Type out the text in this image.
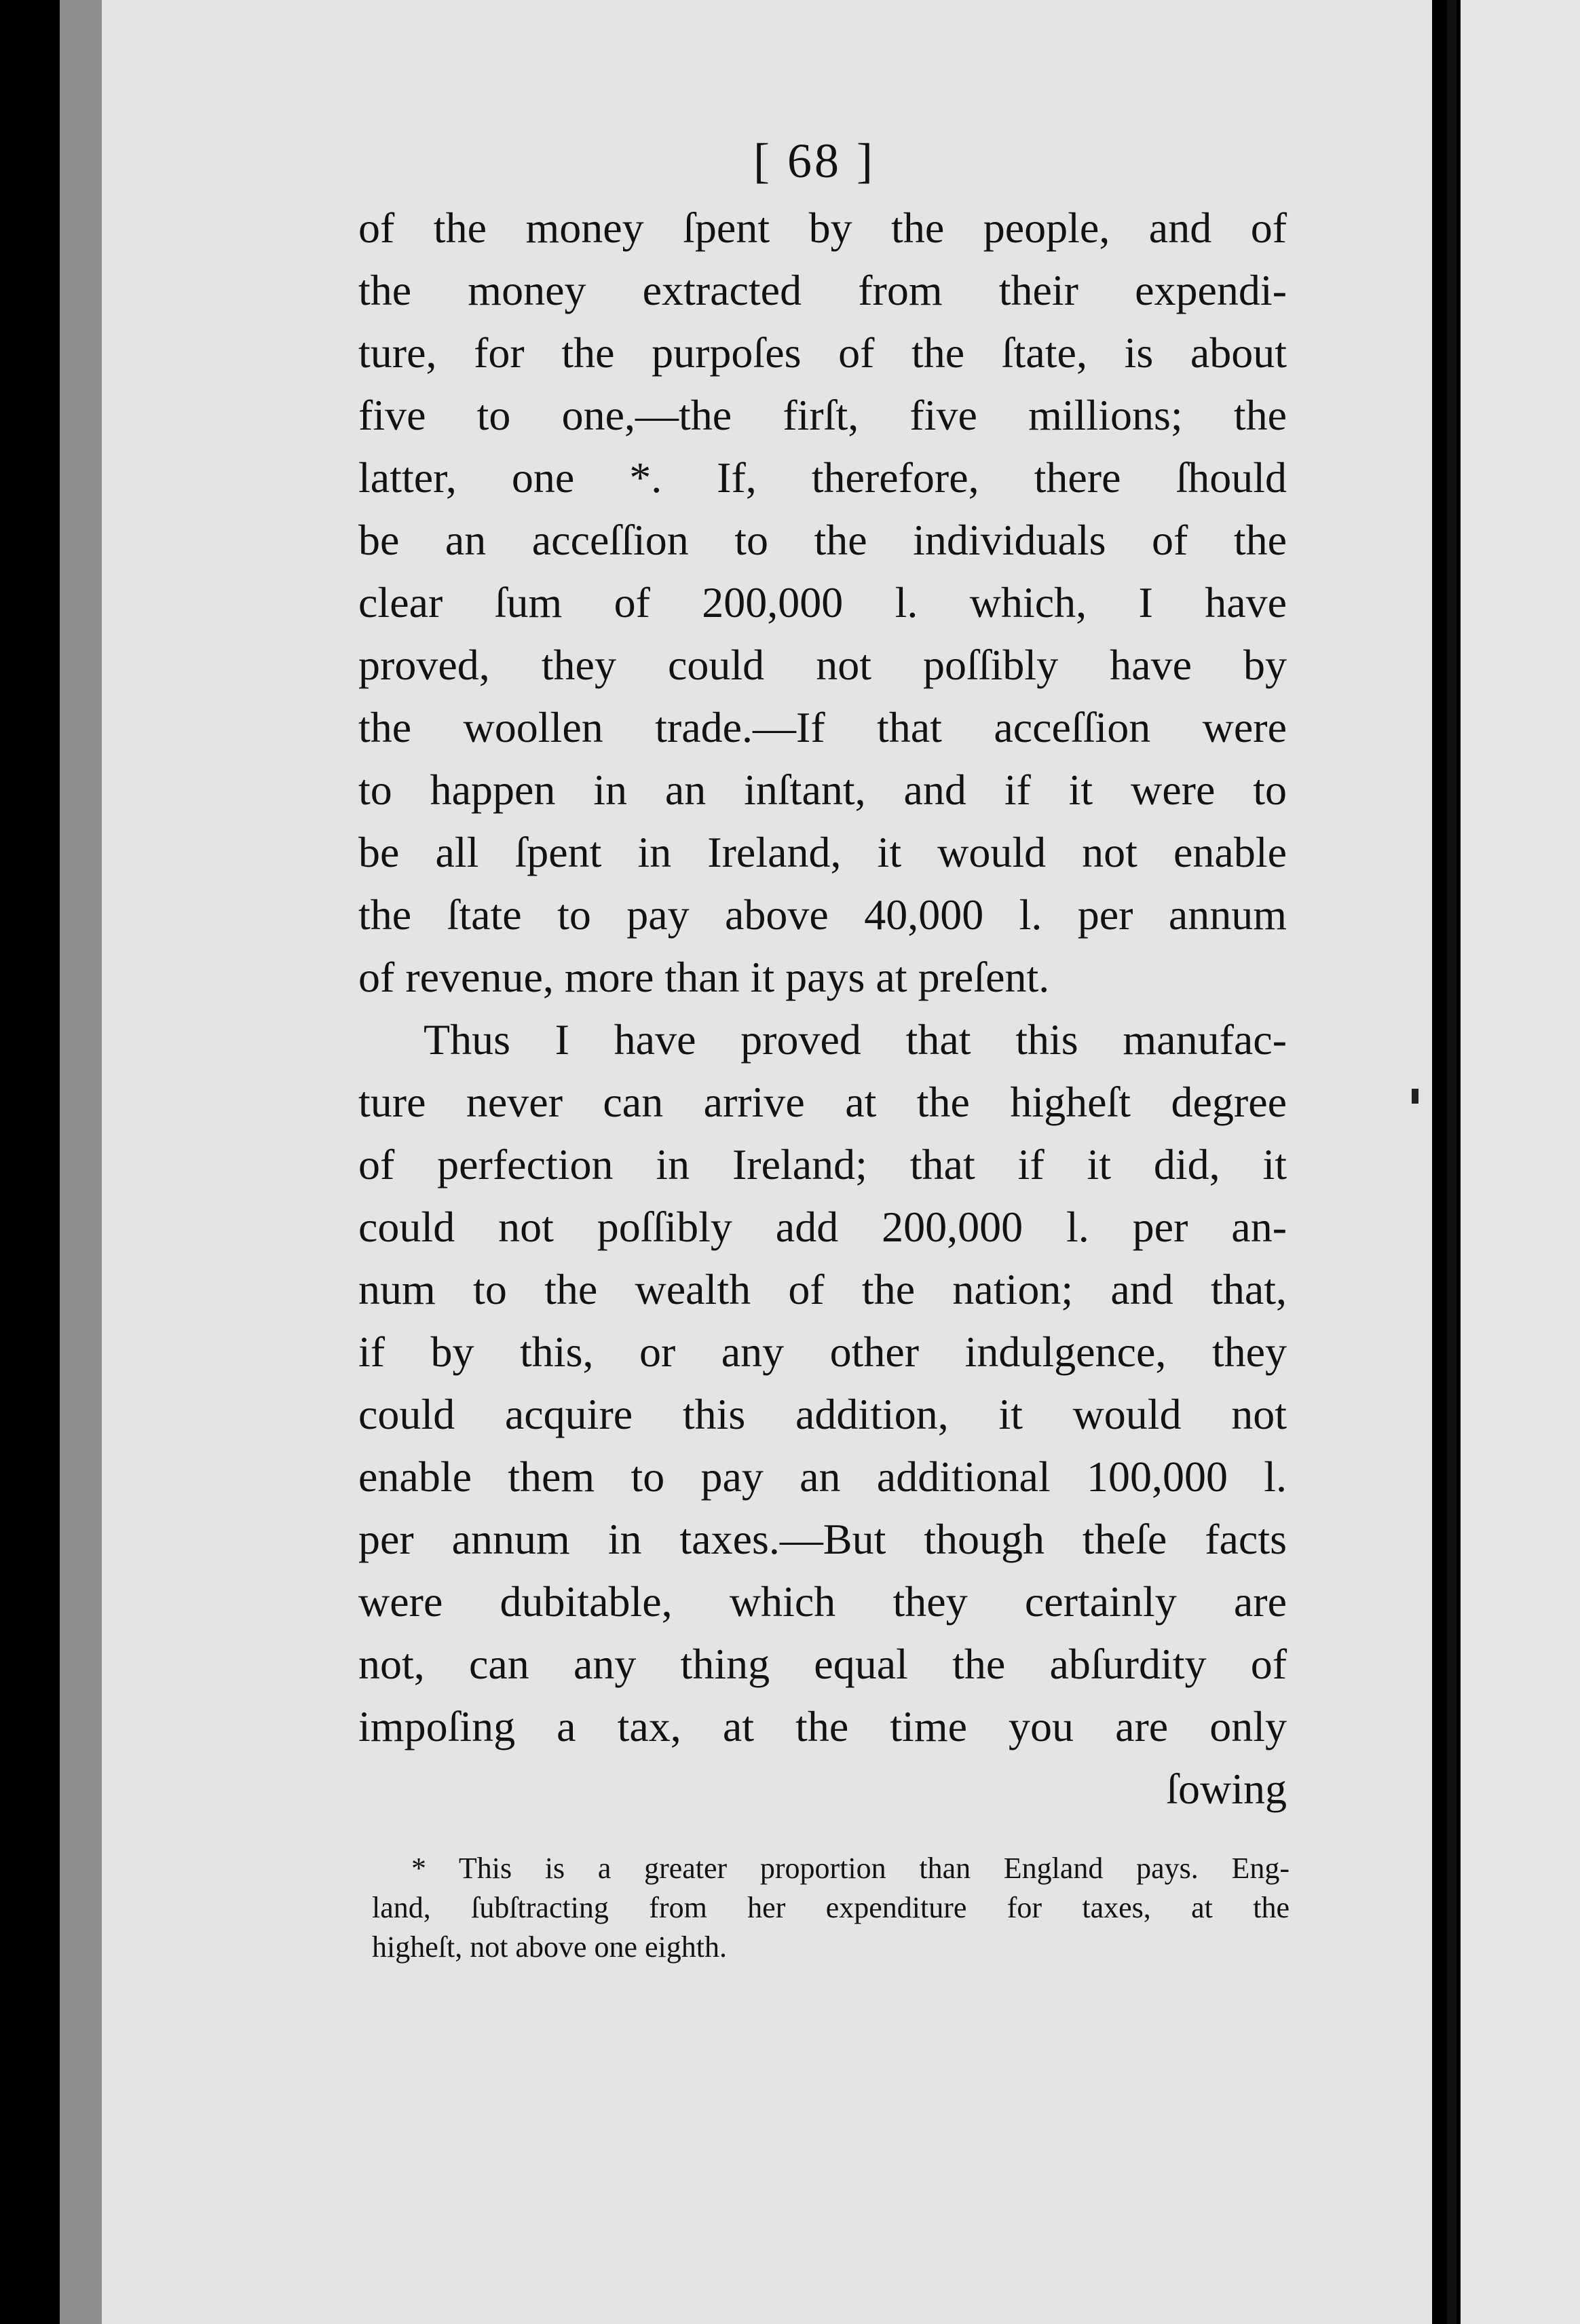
[ 68 ]
of the money ſpent by the people, and of
the money extracted from their expendi-
ture, for the purpoſes of the ſtate, is about
five to one,—the firſt, five millions; the
latter, one *. If, therefore, there ſhould
be an acceſſion to the individuals of the
clear ſum of 200,000 l. which, I have
proved, they could not poſſibly have by
the woollen trade.—If that acceſſion were
to happen in an inſtant, and if it were to
be all ſpent in Ireland, it would not enable
the ſtate to pay above 40,000 l. per annum
of revenue, more than it pays at preſent.
Thus I have proved that this manufac-
ture never can arrive at the higheſt degree
of perfection in Ireland; that if it did, it
could not poſſibly add 200,000 l. per an-
num to the wealth of the nation; and that,
if by this, or any other indulgence, they
could acquire this addition, it would not
enable them to pay an additional 100,000 l.
per annum in taxes.—But though theſe facts
were dubitable, which they certainly are
not, can any thing equal the abſurdity of
impoſing a tax, at the time you are only
ſowing
* This is a greater proportion than England pays. Eng-
land, ſubſtracting from her expenditure for taxes, at the
higheſt, not above one eighth.
